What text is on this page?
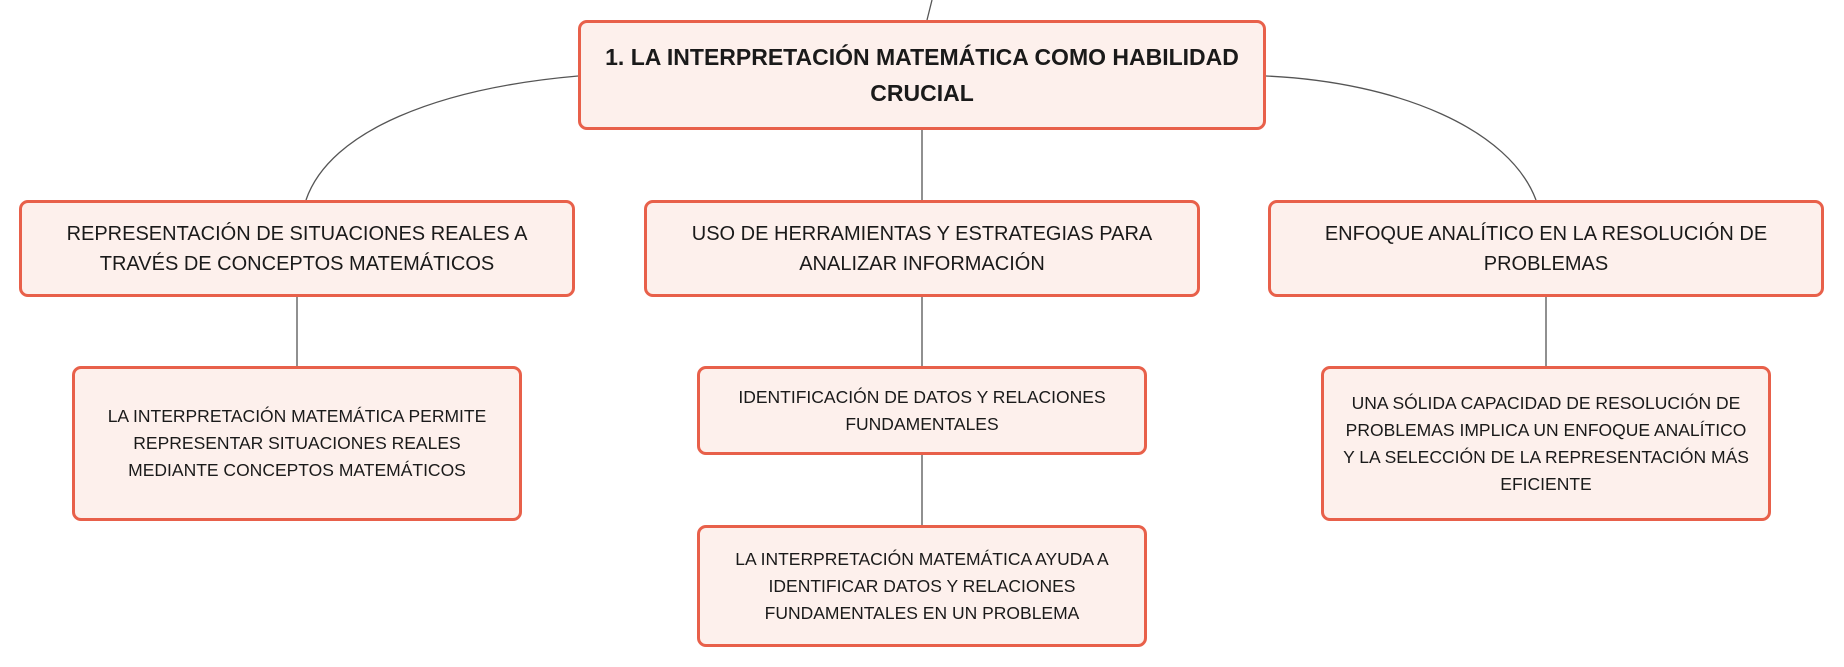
1. LA INTERPRETACIÓN MATEMÁTICA COMO HABILIDAD CRUCIAL
REPRESENTACIÓN DE SITUACIONES REALES A TRAVÉS DE CONCEPTOS MATEMÁTICOS
USO DE HERRAMIENTAS Y ESTRATEGIAS PARA ANALIZAR INFORMACIÓN
ENFOQUE ANALÍTICO EN LA RESOLUCIÓN DE PROBLEMAS
LA INTERPRETACIÓN MATEMÁTICA PERMITE REPRESENTAR SITUACIONES REALES MEDIANTE CONCEPTOS MATEMÁTICOS
IDENTIFICACIÓN DE DATOS Y RELACIONES FUNDAMENTALES
LA INTERPRETACIÓN MATEMÁTICA AYUDA A IDENTIFICAR DATOS Y RELACIONES FUNDAMENTALES EN UN PROBLEMA
UNA SÓLIDA CAPACIDAD DE RESOLUCIÓN DE PROBLEMAS IMPLICA UN ENFOQUE ANALÍTICO Y LA SELECCIÓN DE LA REPRESENTACIÓN MÁS EFICIENTE
